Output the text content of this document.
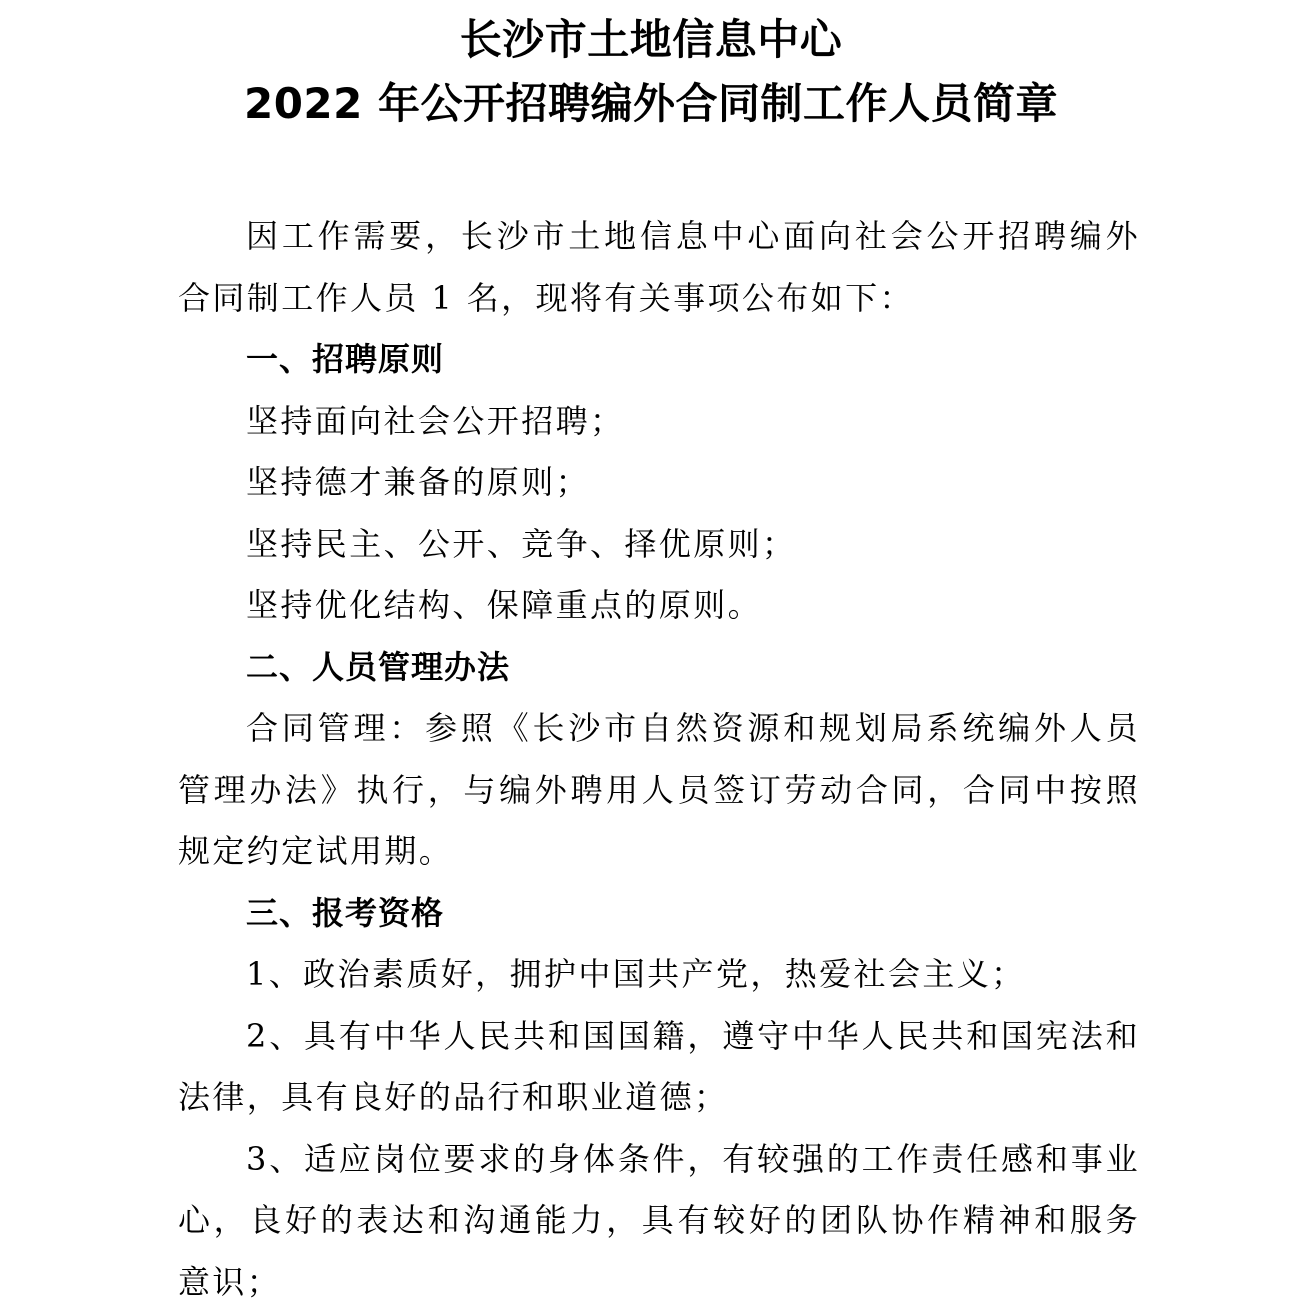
长沙市土地信息中心
2022 年公开招聘编外合同制工作人员简章

因工作需要，长沙市土地信息中心面向社会公开招聘编外合同制工作人员 1 名，现将有关事项公布如下：

一、招聘原则

坚持面向社会公开招聘；

坚持德才兼备的原则；

坚持民主、公开、竞争、择优原则；

坚持优化结构、保障重点的原则。

二、人员管理办法

合同管理：参照《长沙市自然资源和规划局系统编外人员管理办法》执行，与编外聘用人员签订劳动合同，合同中按照规定约定试用期。

三、报考资格

1、政治素质好，拥护中国共产党，热爱社会主义；

2、具有中华人民共和国国籍，遵守中华人民共和国宪法和法律，具有良好的品行和职业道德；

3、适应岗位要求的身体条件，有较强的工作责任感和事业心，良好的表达和沟通能力，具有较好的团队协作精神和服务意识；
